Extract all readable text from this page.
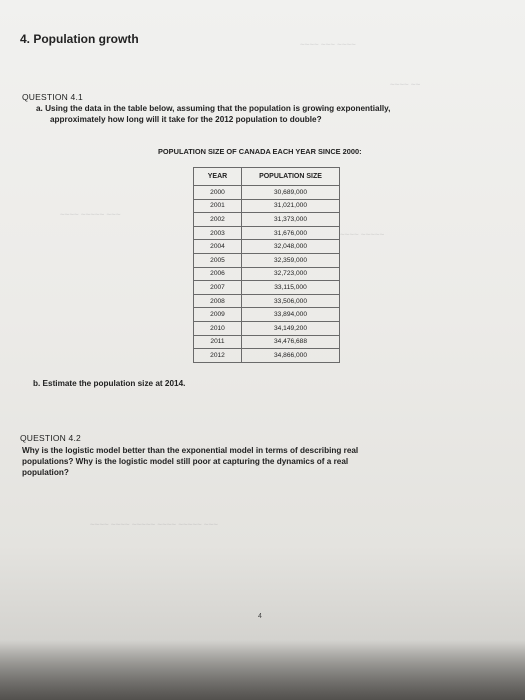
~~~~ ~~~ ~~~~
~~~~ ~~
~~~~ ~~~~~ ~~~
~~~~ ~~~~~
~~~~ ~~~~ ~~~~~ ~~~~ ~~~~~ ~~~
4. Population growth
QUESTION 4.1
a. Using the data in the table below, assuming that the population is growing exponentially,
approximately how long will it take for the 2012 population to double?
POPULATION SIZE OF CANADA EACH YEAR SINCE 2000:
YEAR	POPULATION SIZE
2000	30,689,000
2001	31,021,000
2002	31,373,000
2003	31,676,000
2004	32,048,000
2005	32,359,000
2006	32,723,000
2007	33,115,000
2008	33,506,000
2009	33,894,000
2010	34,149,200
2011	34,476,688
2012	34,866,000
b. Estimate the population size at 2014.
QUESTION 4.2
Why is the logistic model better than the exponential model in terms of describing real
populations? Why is the logistic model still poor at capturing the dynamics of a real
population?
4
